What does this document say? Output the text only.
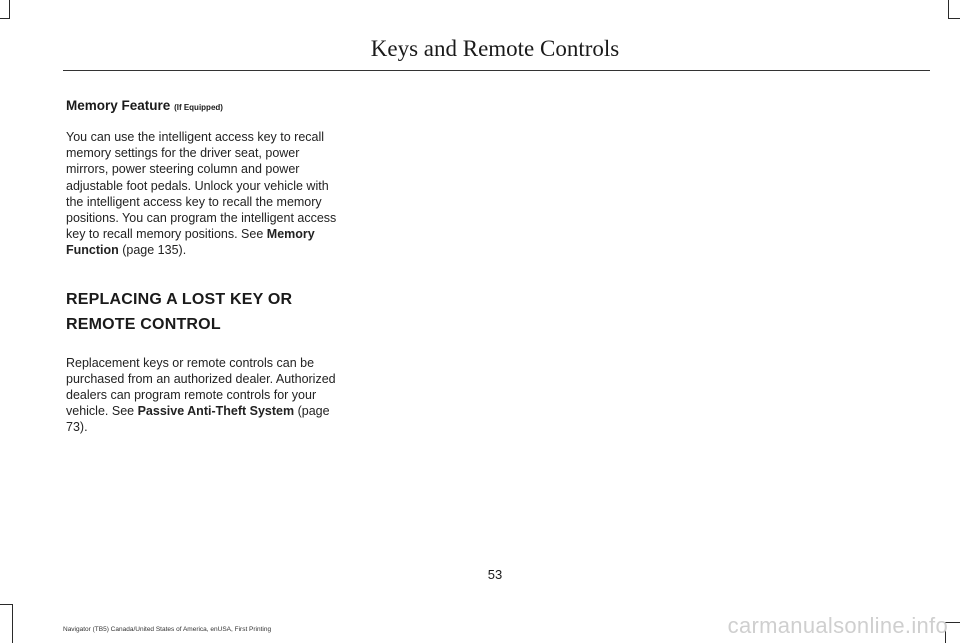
Keys and Remote Controls
Memory Feature (If Equipped)

You can use the intelligent access key to recall memory settings for the driver seat, power mirrors, power steering column and power adjustable foot pedals. Unlock your vehicle with the intelligent access key to recall the memory positions. You can program the intelligent access key to recall memory positions. See Memory Function (page 135).

REPLACING A LOST KEY OR
REMOTE CONTROL

Replacement keys or remote controls can be purchased from an authorized dealer. Authorized dealers can program remote controls for your vehicle. See Passive Anti-Theft System (page 73).

53
Navigator (TB5) Canada/United States of America, enUSA, First Printing	carmanualsonline.info
